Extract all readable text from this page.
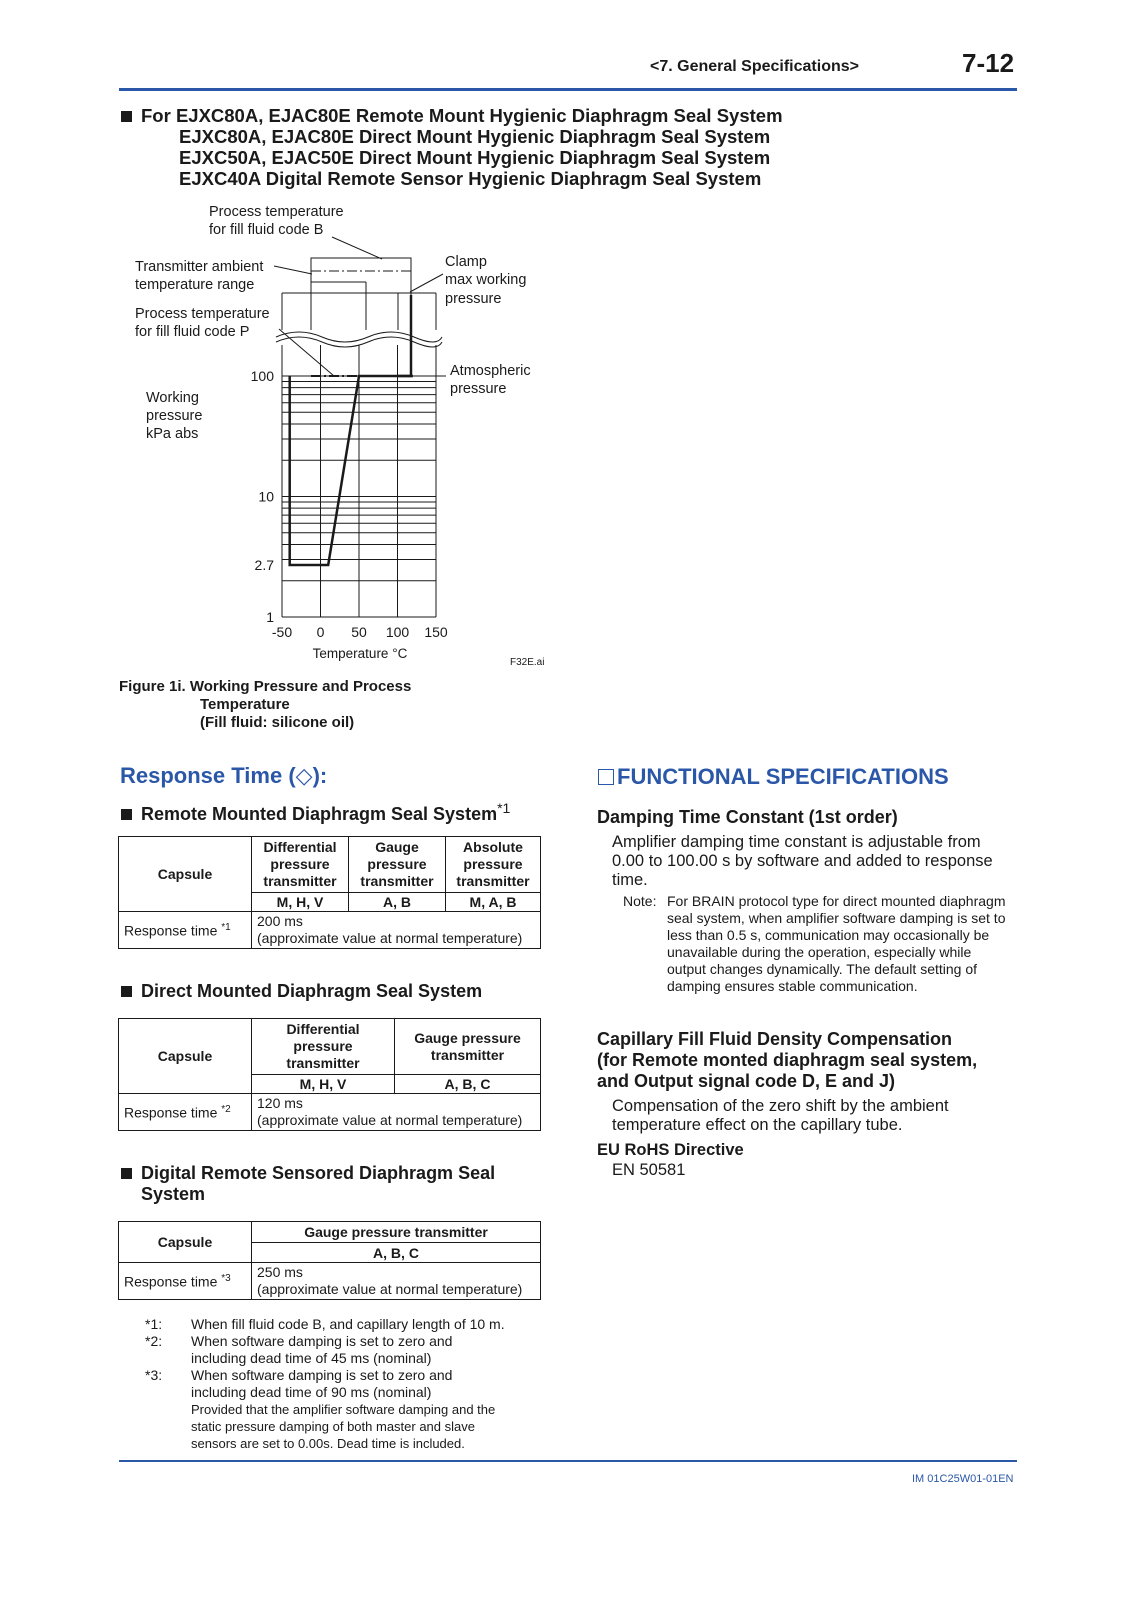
<7. General Specifications>	7-12
For EJXC80A, EJAC80E Remote Mount Hygienic Diaphragm Seal System
EJXC80A, EJAC80E Direct Mount Hygienic Diaphragm Seal System
EJXC50A, EJAC50E Direct Mount Hygienic Diaphragm Seal System
EJXC40A Digital Remote Sensor Hygienic Diaphragm Seal System
Process temperature
for fill fluid code B
Transmitter ambient
temperature range
Process temperature
for fill fluid code P
Clamp
max working
pressure
Atmospheric
pressure
Working
pressure
kPa abs
100
10
2.7
1
-50 0 50 100 150
Temperature °C
F32E.ai
Figure 1i. Working Pressure and Process
Temperature
(Fill fluid: silicone oil)
Response Time (◇):
Remote Mounted Diaphragm Seal System$^{*1}$
Capsule	Differential pressure transmitter	Gauge pressure transmitter	Absolute pressure transmitter
	M, H, V	A, B	M, A, B
Response time $^{*1}$	200 ms
(approximate value at normal temperature)		
Direct Mounted Diaphragm Seal System
Capsule	Differential pressure transmitter	Gauge pressure transmitter
	M, H, V	A, B, C
Response time $^{*2}$	120 ms
(approximate value at normal temperature)	
Digital Remote Sensored Diaphragm Seal
System
Capsule	Gauge pressure transmitter
	A, B, C
Response time $^{*3}$	250 ms
(approximate value at normal temperature)
*1:	When fill fluid code B, and capillary length of 10 m.
*2:	When software damping is set to zero and
including dead time of 45 ms (nominal)
*3:	When software damping is set to zero and
including dead time of 90 ms (nominal)
Provided that the amplifier software damping and the
static pressure damping of both master and slave
sensors are set to 0.00s. Dead time is included.
FUNCTIONAL SPECIFICATIONS
Damping Time Constant (1st order)
Amplifier damping time constant is adjustable from 0.00 to 100.00 s by software and added to response time.
Note: For BRAIN protocol type for direct mounted diaphragm seal system, when amplifier software damping is set to less than 0.5 s, communication may occasionally be unavailable during the operation, especially while output changes dynamically. The default setting of damping ensures stable communication.
Capillary Fill Fluid Density Compensation
(for Remote monted diaphragm seal system,
and Output signal code D, E and J)
Compensation of the zero shift by the ambient temperature effect on the capillary tube.
EU RoHS Directive
EN 50581
IM 01C25W01-01EN
